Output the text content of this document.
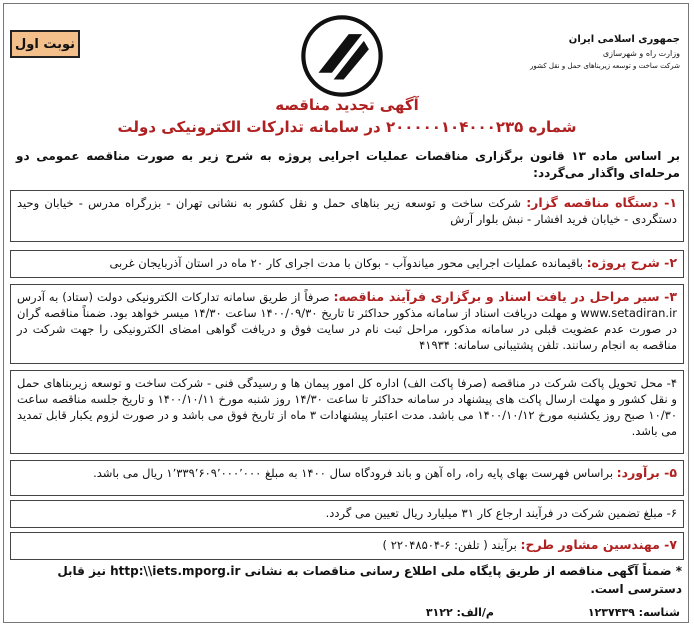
نوبت اول	جمهوری اسلامی ایران
وزارت راه و شهرسازی
شرکت ساخت و توسعه زیربناهای حمل و نقل کشور
آگهی تجدید مناقصه
شماره ۲۰۰۰۰۰۱۰۴۰۰۰۲۳۵ در سامانه تدارکات الکترونیکی دولت
بر اساس ماده ۱۳ قانون برگزاری مناقصات عملیات اجرایی پروژه به شرح زیر به صورت مناقصه عمومی دو مرحله‌ای واگذار می‌گردد:
۱- دستگاه مناقصه گزار: شرکت ساخت و توسعه زیر بناهای حمل و نقل کشور به نشانی تهران - بزرگراه مدرس - خیابان وحید دستگردی - خیابان فرید افشار - نبش بلوار آرش
۲- شرح پروژه: باقیمانده عملیات اجرایی محور میاندوآب - بوکان با مدت اجرای کار ۲۰ ماه در استان آذربایجان غربی
۳- سیر مراحل در یافت اسناد و برگزاری فرآیند مناقصه: صرفاً از طریق سامانه تدارکات الکترونیکی دولت (ستاد) به آدرس www.setadiran.ir و مهلت دریافت اسناد از سامانه مذکور حداکثر تا تاریخ ۱۴۰۰/۰۹/۳۰ ساعت ۱۴/۳۰ میسر خواهد بود. ضمناً مناقصه گران در صورت عدم عضویت قبلی در سامانه مذکور، مراحل ثبت نام در سایت فوق و دریافت گواهی امضای الکترونیکی را جهت شرکت در مناقصه به انجام رسانند. تلفن پشتیبانی سامانه: ۴۱۹۳۴
۴- محل تحویل پاکت شرکت در مناقصه (صرفا پاکت الف) اداره کل امور پیمان ها و رسیدگی فنی - شرکت ساخت و توسعه زیربناهای حمل و نقل کشور و مهلت ارسال پاکت های پیشنهاد در سامانه حداکثر تا ساعت ۱۴/۳۰ روز شنبه مورخ ۱۴۰۰/۱۰/۱۱ و تاریخ جلسه مناقصه ساعت ۱۰/۳۰ صبح روز یکشنبه مورخ ۱۴۰۰/۱۰/۱۲ می باشد. مدت اعتبار پیشنهادات ۳ ماه از تاریخ فوق می باشد و در صورت لزوم یکبار قابل تمدید می باشد.
۵- برآورد: براساس فهرست بهای پایه راه، راه آهن و باند فرودگاه سال ۱۴۰۰ به مبلغ ۱٬۳۳۹٬۶۰۹٬۰۰۰٬۰۰۰ ریال می باشد.
۶- مبلغ تضمین شرکت در فرآیند ارجاع کار ۳۱ میلیارد ریال تعیین می گردد.
۷- مهندسین مشاور طرح: برآیند ( تلفن: ۶-۲۲۰۴۸۵۰۴ )
* ضمناً آگهی مناقصه از طریق پایگاه ملی اطلاع رسانی مناقصات به نشانی http:\\iets.mporg.ir نیز قابل دسترسی است.
شناسه: ۱۲۳۷۴۳۹
م/الف: ۳۱۲۲
